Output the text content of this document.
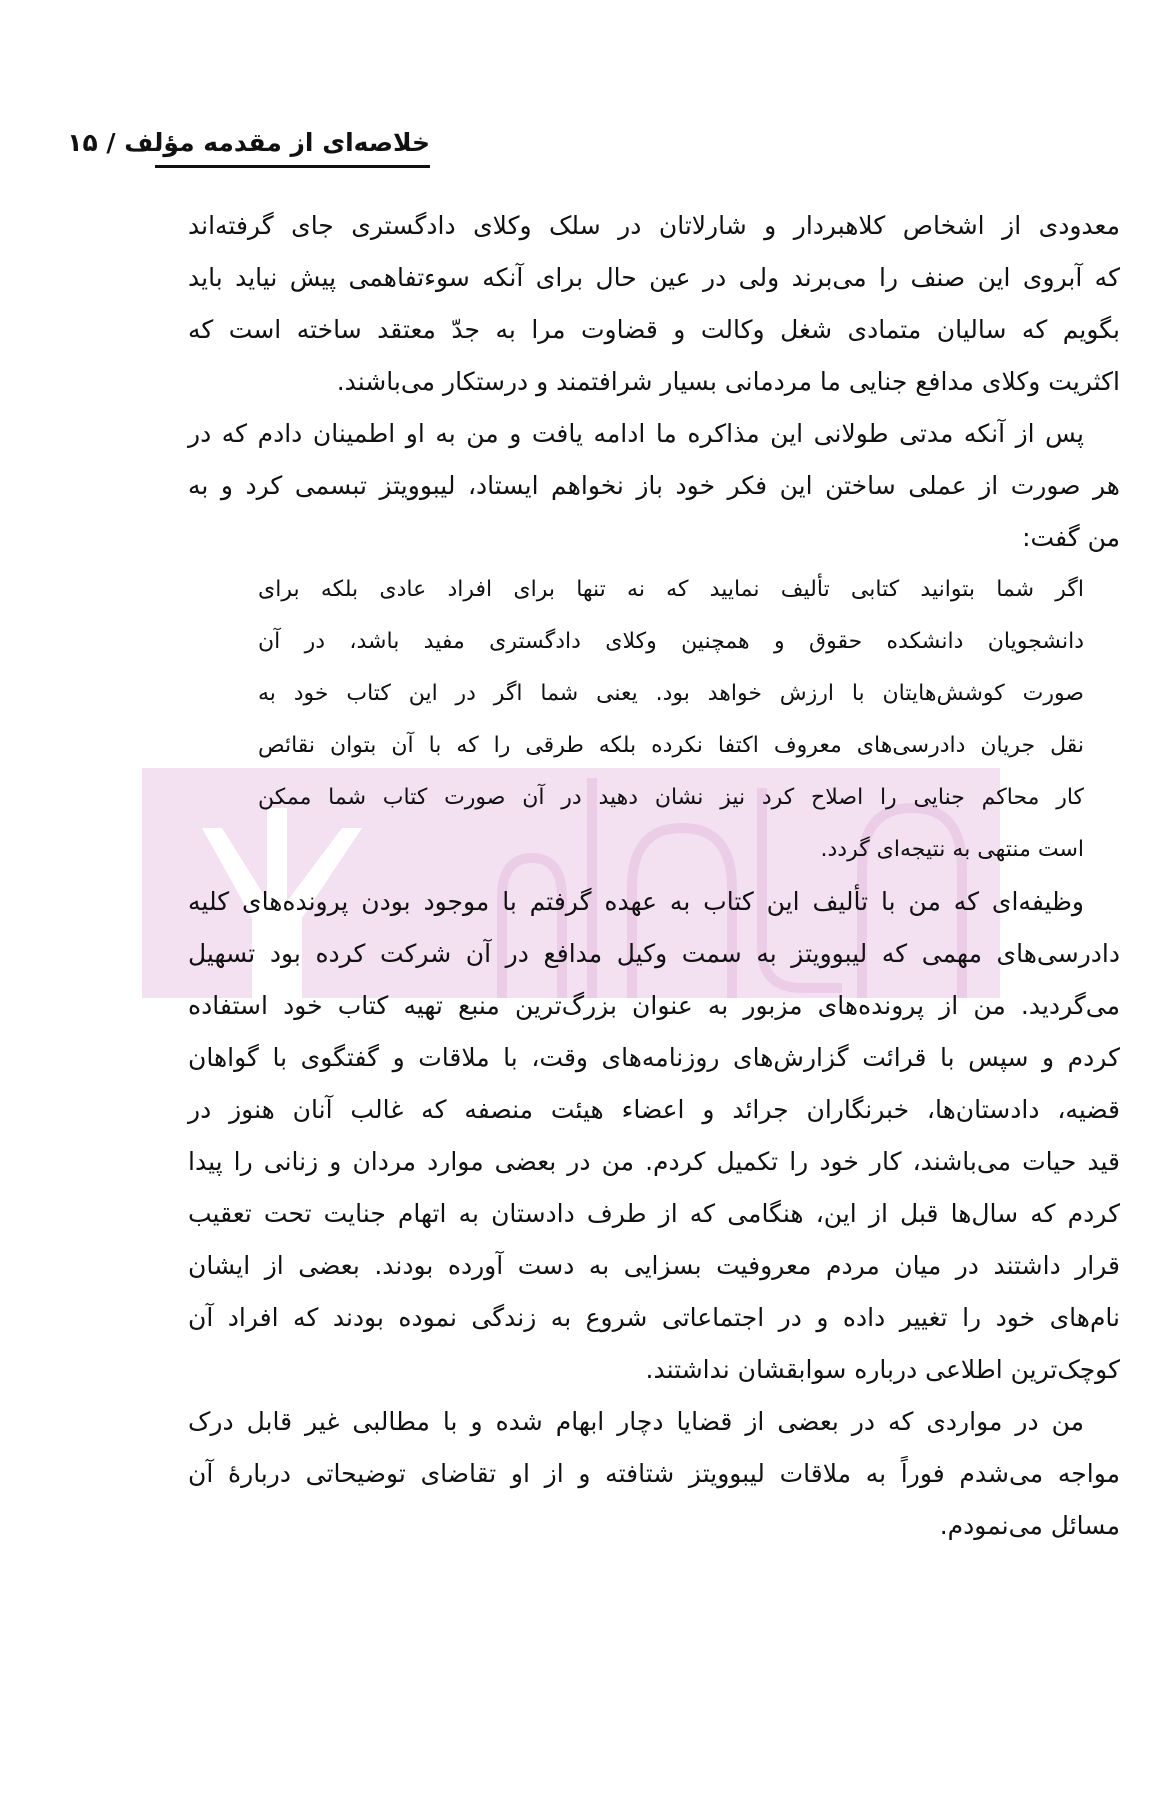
خلاصه‌ای از مقدمه مؤلف / ۱۵
معدودی از اشخاص کلاهبردار و شارلاتان در سلک وکلای دادگستری جای گرفته‌اند
که آبروی این صنف را می‌برند ولی در عین حال برای آنکه سوءتفاهمی پیش نیاید باید
بگویم که سالیان متمادی شغل وکالت و قضاوت مرا به جدّ معتقد ساخته است که
اکثریت وکلای مدافع جنایی ما مردمانی بسیار شرافتمند و درستکار می‌باشند.
پس از آنکه مدتی طولانی این مذاکره ما ادامه یافت و من به او اطمینان دادم که در
هر صورت از عملی ساختن این فکر خود باز نخواهم ایستاد، لیبوویتز تبسمی کرد و به
من گفت:
اگر شما بتوانید کتابی تألیف نمایید که نه تنها برای افراد عادی بلکه برای
دانشجویان دانشکده حقوق و همچنین وکلای دادگستری مفید باشد، در آن
صورت کوشش‌هایتان با ارزش خواهد بود. یعنی شما اگر در این کتاب خود به
نقل جریان دادرسی‌های معروف اکتفا نکرده بلکه طرقی را که با آن بتوان نقائص
کار محاکم جنایی را اصلاح کرد نیز نشان دهید در آن صورت کتاب شما ممکن
است منتهی به نتیجه‌ای گردد.
وظیفه‌ای که من با تألیف این کتاب به عهده گرفتم با موجود بودن پرونده‌های کلیه
دادرسی‌های مهمی که لیبوویتز به سمت وکیل مدافع در آن شرکت کرده بود تسهیل
می‌گردید. من از پرونده‌های مزبور به عنوان بزرگ‌ترین منبع تهیه کتاب خود استفاده
کردم و سپس با قرائت گزارش‌های روزنامه‌های وقت، با ملاقات و گفتگوی با گواهان
قضیه، دادستان‌ها، خبرنگاران جرائد و اعضاء هیئت منصفه که غالب آنان هنوز در
قید حیات می‌باشند، کار خود را تکمیل کردم. من در بعضی موارد مردان و زنانی را پیدا
کردم که سال‌ها قبل از این، هنگامی که از طرف دادستان به اتهام جنایت تحت تعقیب
قرار داشتند در میان مردم معروفیت بسزایی به دست آورده بودند. بعضی از ایشان
نام‌های خود را تغییر داده و در اجتماعاتی شروع به زندگی نموده بودند که افراد آن
کوچک‌ترین اطلاعی درباره سوابقشان نداشتند.
من در مواردی که در بعضی از قضایا دچار ابهام شده و با مطالبی غیر قابل درک
مواجه می‌شدم فوراً به ملاقات لیبوویتز شتافته و از او تقاضای توضیحاتی دربارهٔ آن
مسائل می‌نمودم.
